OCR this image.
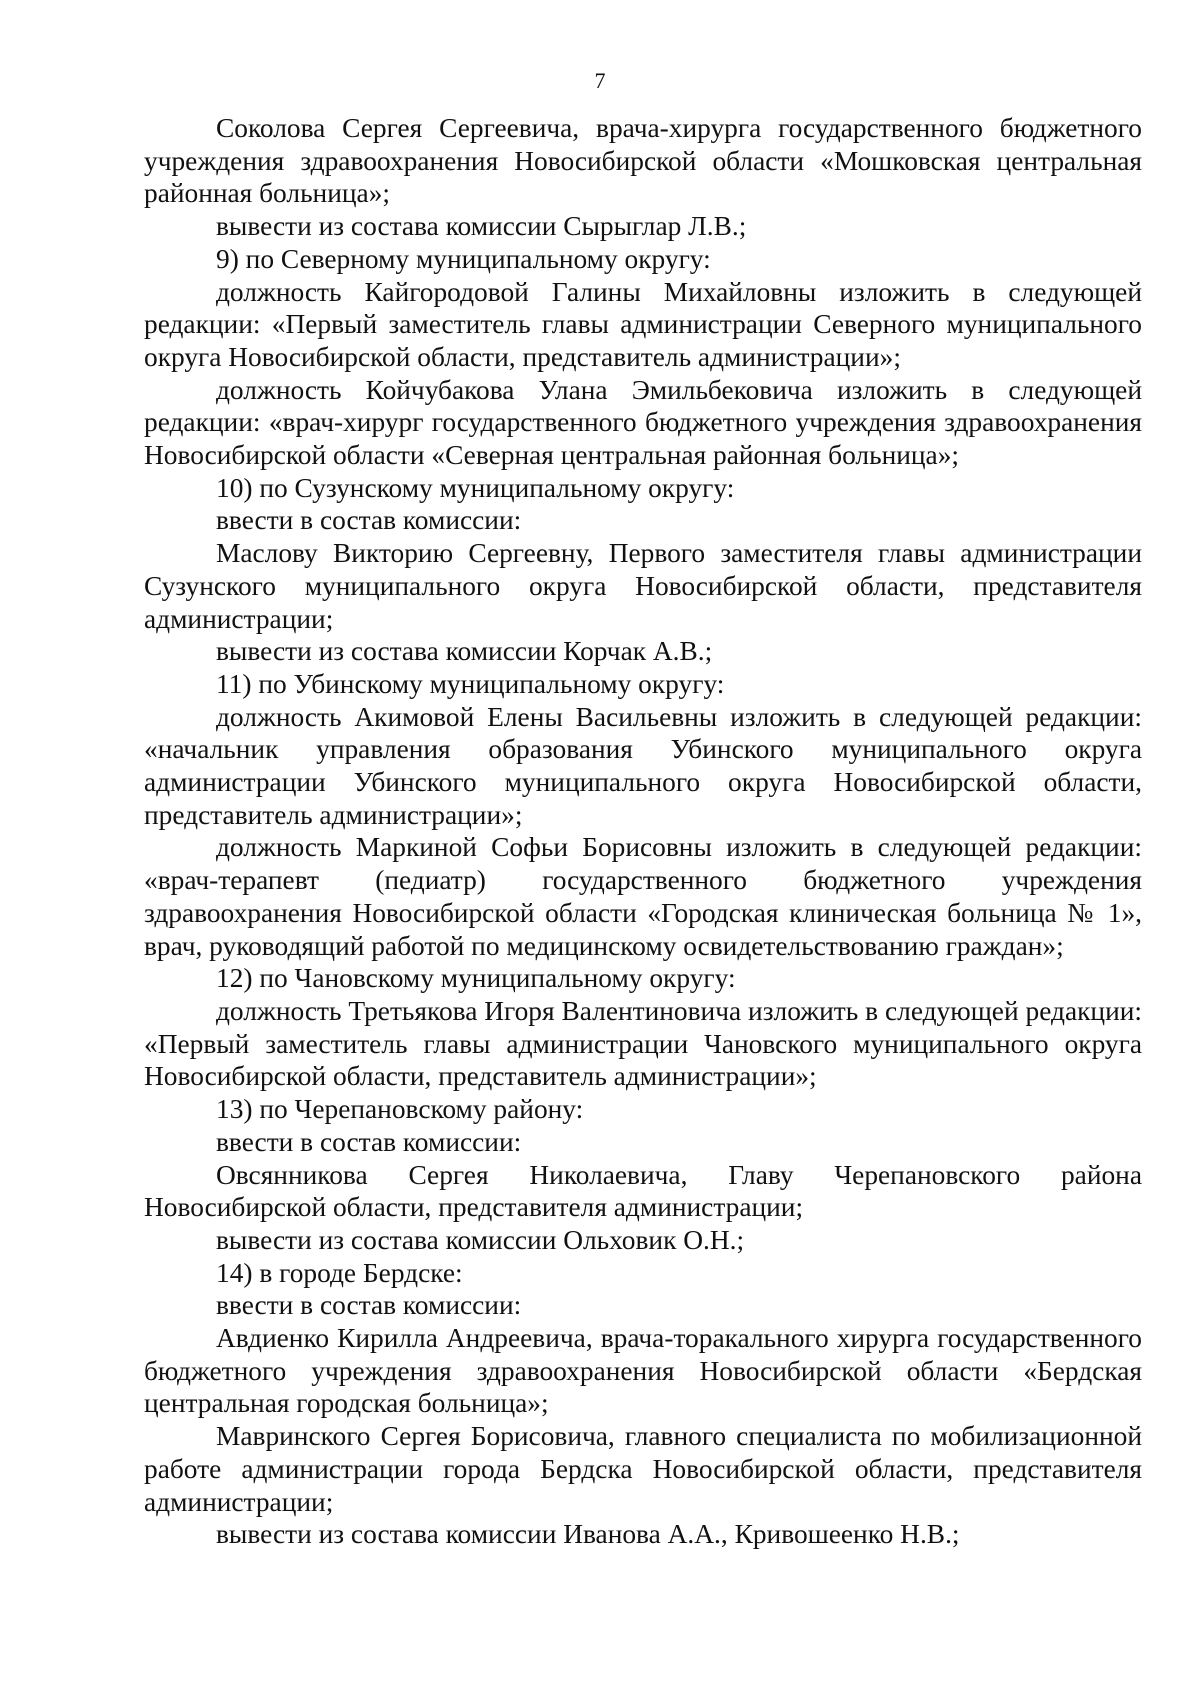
7

Соколова Сергея Сергеевича, врача-хирурга государственного бюджетного учреждения здравоохранения Новосибирской области «Мошковская центральная районная больница»;

вывести из состава комиссии Сырыглар Л.В.;

9) по Северному муниципальному округу:

должность Кайгородовой Галины Михайловны изложить в следующей редакции: «Первый заместитель главы администрации Северного муниципального округа Новосибирской области, представитель администрации»;

должность Койчубакова Улана Эмильбековича изложить в следующей редакции: «врач-хирург государственного бюджетного учреждения здравоохранения Новосибирской области «Северная центральная районная больница»;

10) по Сузунскому муниципальному округу:

ввести в состав комиссии:

Маслову Викторию Сергеевну, Первого заместителя главы администрации Сузунского муниципального округа Новосибирской области, представителя администрации;

вывести из состава комиссии Корчак А.В.;

11) по Убинскому муниципальному округу:

должность Акимовой Елены Васильевны изложить в следующей редакции: «начальник управления образования Убинского муниципального округа администрации Убинского муниципального округа Новосибирской области, представитель администрации»;

должность Маркиной Софьи Борисовны изложить в следующей редакции: «врач-терапевт (педиатр) государственного бюджетного учреждения здравоохранения Новосибирской области «Городская клиническая больница № 1», врач, руководящий работой по медицинскому освидетельствованию граждан»;

12) по Чановскому муниципальному округу:

должность Третьякова Игоря Валентиновича изложить в следующей редакции: «Первый заместитель главы администрации Чановского муниципального округа Новосибирской области, представитель администрации»;

13) по Черепановскому району:

ввести в состав комиссии:

Овсянникова Сергея Николаевича, Главу Черепановского района Новосибирской области, представителя администрации;

вывести из состава комиссии Ольховик О.Н.;

14) в городе Бердске:

ввести в состав комиссии:

Авдиенко Кирилла Андреевича, врача-торакального хирурга государственного бюджетного учреждения здравоохранения Новосибирской области «Бердская центральная городская больница»;

Мавринского Сергея Борисовича, главного специалиста по мобилизационной работе администрации города Бердска Новосибирской области, представителя администрации;

вывести из состава комиссии Иванова А.А., Кривошеенко Н.В.;
